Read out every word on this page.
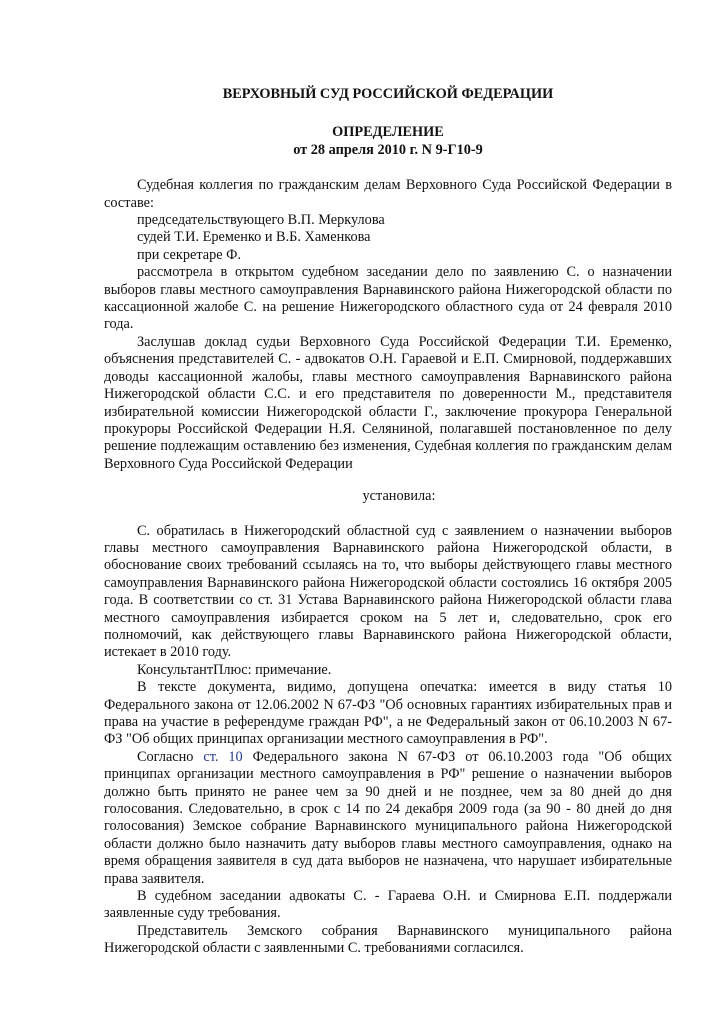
ВЕРХОВНЫЙ СУД РОССИЙСКОЙ ФЕДЕРАЦИИ
ОПРЕДЕЛЕНИЕ
от 28 апреля 2010 г. N 9-Г10-9

Судебная коллегия по гражданским делам Верховного Суда Российской Федерации в составе:

председательствующего В.П. Меркулова

судей Т.И. Еременко и В.Б. Хаменкова

при секретаре Ф.

рассмотрела в открытом судебном заседании дело по заявлению С. о назначении выборов главы местного самоуправления Варнавинского района Нижегородской области по кассационной жалобе С. на решение Нижегородского областного суда от 24 февраля 2010 года.

Заслушав доклад судьи Верховного Суда Российской Федерации Т.И. Еременко, объяснения представителей С. - адвокатов О.Н. Гараевой и Е.П. Смирновой, поддержавших доводы кассационной жалобы, главы местного самоуправления Варнавинского района Нижегородской области С.С. и его представителя по доверенности М., представителя избирательной комиссии Нижегородской области Г., заключение прокурора Генеральной прокуроры Российской Федерации Н.Я. Селяниной, полагавшей постановленное по делу решение подлежащим оставлению без изменения, Судебная коллегия по гражданским делам Верховного Суда Российской Федерации

установила:

С. обратилась в Нижегородский областной суд с заявлением о назначении выборов главы местного самоуправления Варнавинского района Нижегородской области, в обоснование своих требований ссылаясь на то, что выборы действующего главы местного самоуправления Варнавинского района Нижегородской области состоялись 16 октября 2005 года. В соответствии со ст. 31 Устава Варнавинского района Нижегородской области глава местного самоуправления избирается сроком на 5 лет и, следовательно, срок его полномочий, как действующего главы Варнавинского района Нижегородской области, истекает в 2010 году.

КонсультантПлюс: примечание.

В тексте документа, видимо, допущена опечатка: имеется в виду статья 10 Федерального закона от 12.06.2002 N 67-ФЗ "Об основных гарантиях избирательных прав и права на участие в референдуме граждан РФ", а не Федеральный закон от 06.10.2003 N 67-ФЗ "Об общих принципах организации местного самоуправления в РФ".

Согласно ст. 10 Федерального закона N 67-ФЗ от 06.10.2003 года "Об общих принципах организации местного самоуправления в РФ" решение о назначении выборов должно быть принято не ранее чем за 90 дней и не позднее, чем за 80 дней до дня голосования. Следовательно, в срок с 14 по 24 декабря 2009 года (за 90 - 80 дней до дня голосования) Земское собрание Варнавинского муниципального района Нижегородской области должно было назначить дату выборов главы местного самоуправления, однако на время обращения заявителя в суд дата выборов не назначена, что нарушает избирательные права заявителя.

В судебном заседании адвокаты С. - Гараева О.Н. и Смирнова Е.П. поддержали заявленные суду требования.

Представитель Земского собрания Варнавинского муниципального района Нижегородской области с заявленными С. требованиями согласился.
